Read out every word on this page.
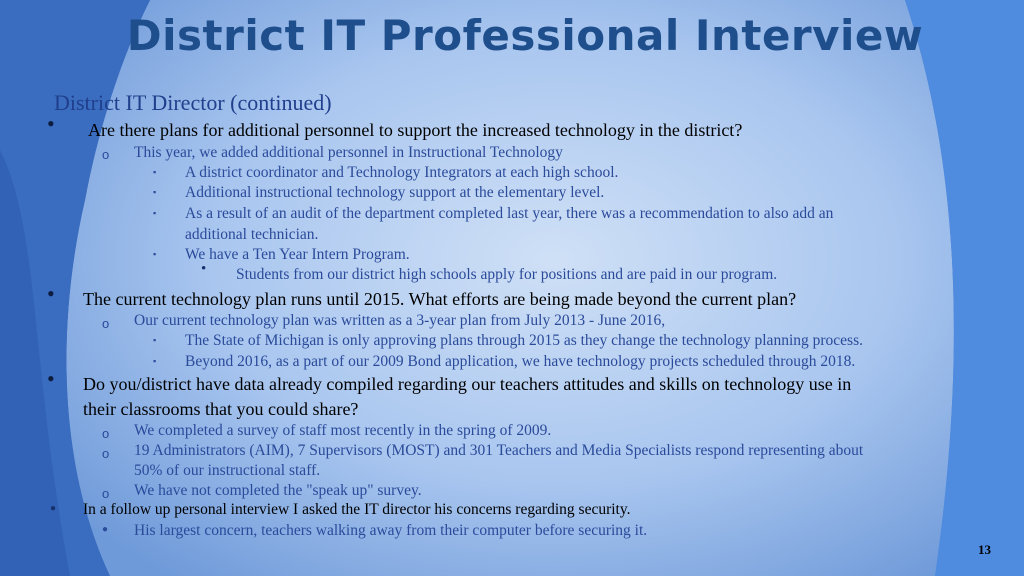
District IT Professional Interview
District IT Director (continued)
• Are there plans for additional personnel to support the increased technology in the district?
o This year, we added additional personnel in Instructional Technology
▪ A district coordinator and Technology Integrators at each high school.
▪ Additional instructional technology support at the elementary level.
▪ As a result of an audit of the department completed last year, there was a recommendation to also add an
additional technician.
▪ We have a Ten Year Intern Program.
• Students from our district high schools apply for positions and are paid in our program.
• The current technology plan runs until 2015. What efforts are being made beyond the current plan?
o Our current technology plan was written as a 3-year plan from July 2013 - June 2016,
▪ The State of Michigan is only approving plans through 2015 as they change the technology planning process.
▪ Beyond 2016, as a part of our 2009 Bond application, we have technology projects scheduled through 2018.
• Do you/district have data already compiled regarding our teachers attitudes and skills on technology use in
their classrooms that you could share?
o We completed a survey of staff most recently in the spring of 2009.
o 19 Administrators (AIM), 7 Supervisors (MOST) and 301 Teachers and Media Specialists respond representing about
50% of our instructional staff.
o We have not completed the "speak up" survey.
● In a follow up personal interview I asked the IT director his concerns regarding security.
● His largest concern, teachers walking away from their computer before securing it.
13
